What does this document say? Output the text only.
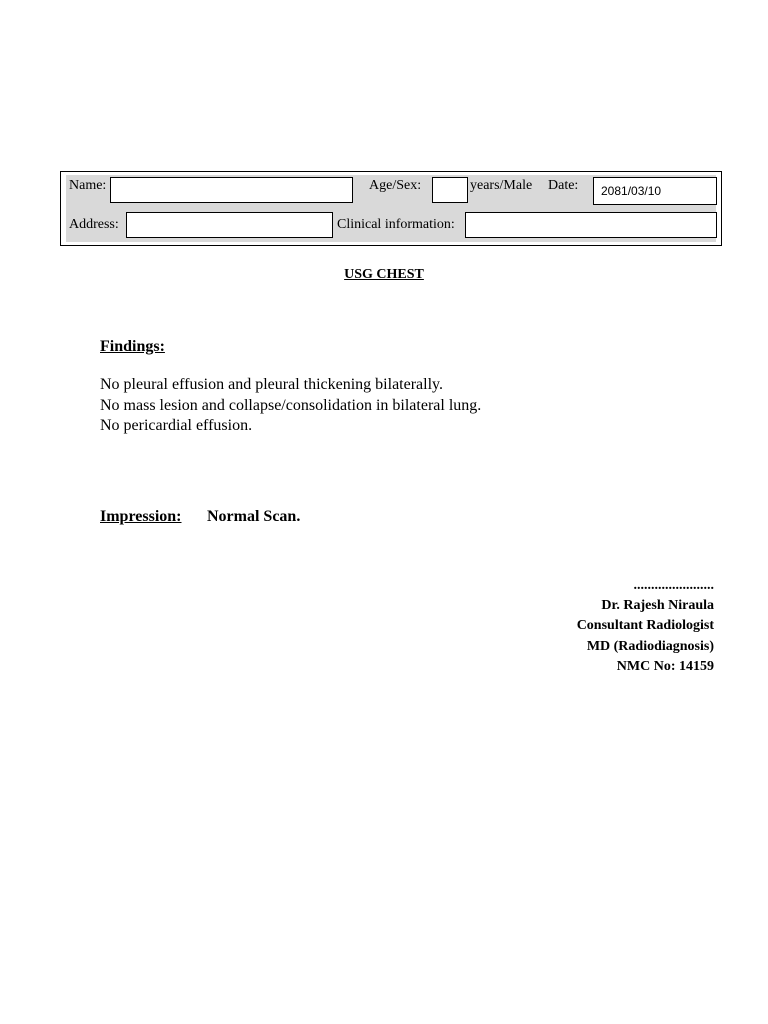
Name:	Age/Sex:	years/Male Date:	2081/03/10
Address:	Clinical information:
USG CHEST
Findings:
No pleural effusion and pleural thickening bilaterally.
No mass lesion and collapse/consolidation in bilateral lung.
No pericardial effusion.
Impression: Normal Scan.
.......................
Dr. Rajesh Niraula
Consultant Radiologist
MD (Radiodiagnosis)
NMC No: 14159
